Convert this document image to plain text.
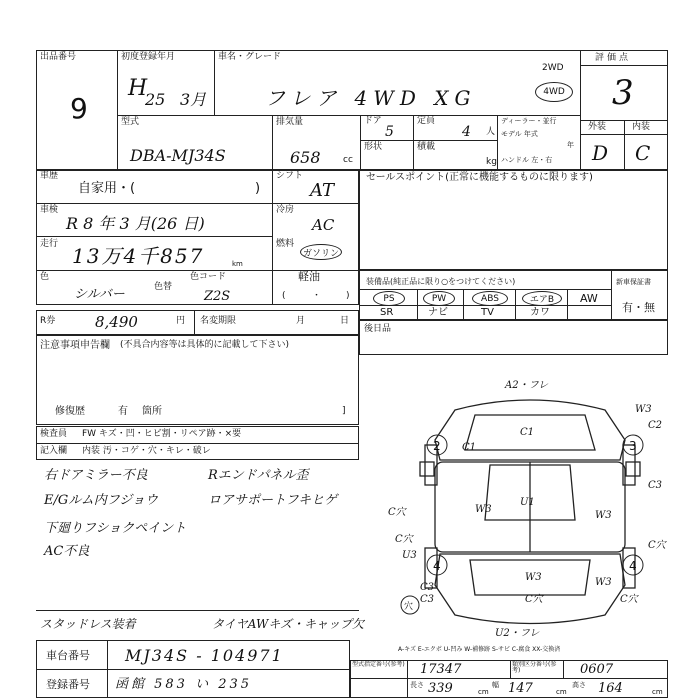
出品番号
9
初度登録年月
H
25 3月
車名・グレード
フレア 4WD XG
2WD
4WD
評価点
3
型式
DBA-MJ34S
排気量
658 cc
ドア
5
定員
4 人
形状	積載
kg
ディーラー・並行
モデル 年式
年
ハンドル 左・右
外装	内装
D C
車歴
自家用・(	)
シフト
AT
車検
R 8 年 3 月(26 日)
冷房
AC
走行 13万4千857	km
燃料
ガソリン
軽油
色
シルバー	色替
色コード
Z2S	(	・	)
セールスポイント(正常に機能するものに限ります)
装備品(純正品に限り○をつけてください)	新車保証書
有・無
PS	PW	ABS	エアB AW
SR	ナビ	TV	カワ
後日品
R券	8,490	円 名変期限	月	日
注意事項申告欄 (不具合内容等は具体的に記載して下さい)
修復歴	有 箇所	]
検査員 FW キズ・凹・ヒビ割・リペア跡・×要
記入欄 内装 汚・コゲ・穴・キレ・破レ
右ドアミラー不良
E/Gルム内フジョウ
下廻りフショクペイント
AC不良
Rエンドパネル歪
ロアサポートフキヒゲ
スタッドレス装着	タイヤAWキズ・キャップ欠
A2・フレ
C1
C1
U1
W3
W3
C2
C3
C穴	W3
C穴
U3
C穴
W3
C3
C3
W3
C穴	C穴
U2・フレ
2	3
4	4
穴
A-キズ E-エクボ U-凹み W-補修跡 S-サビ C-腐食 XX-交換済
車台番号 MJ34S - 104971
登録番号 函館 583 い 235
型式指定番号(参考) 17347	類別区分番号(参考)	0607
長さ 339	cm
幅 147	cm
高さ 164	cm
